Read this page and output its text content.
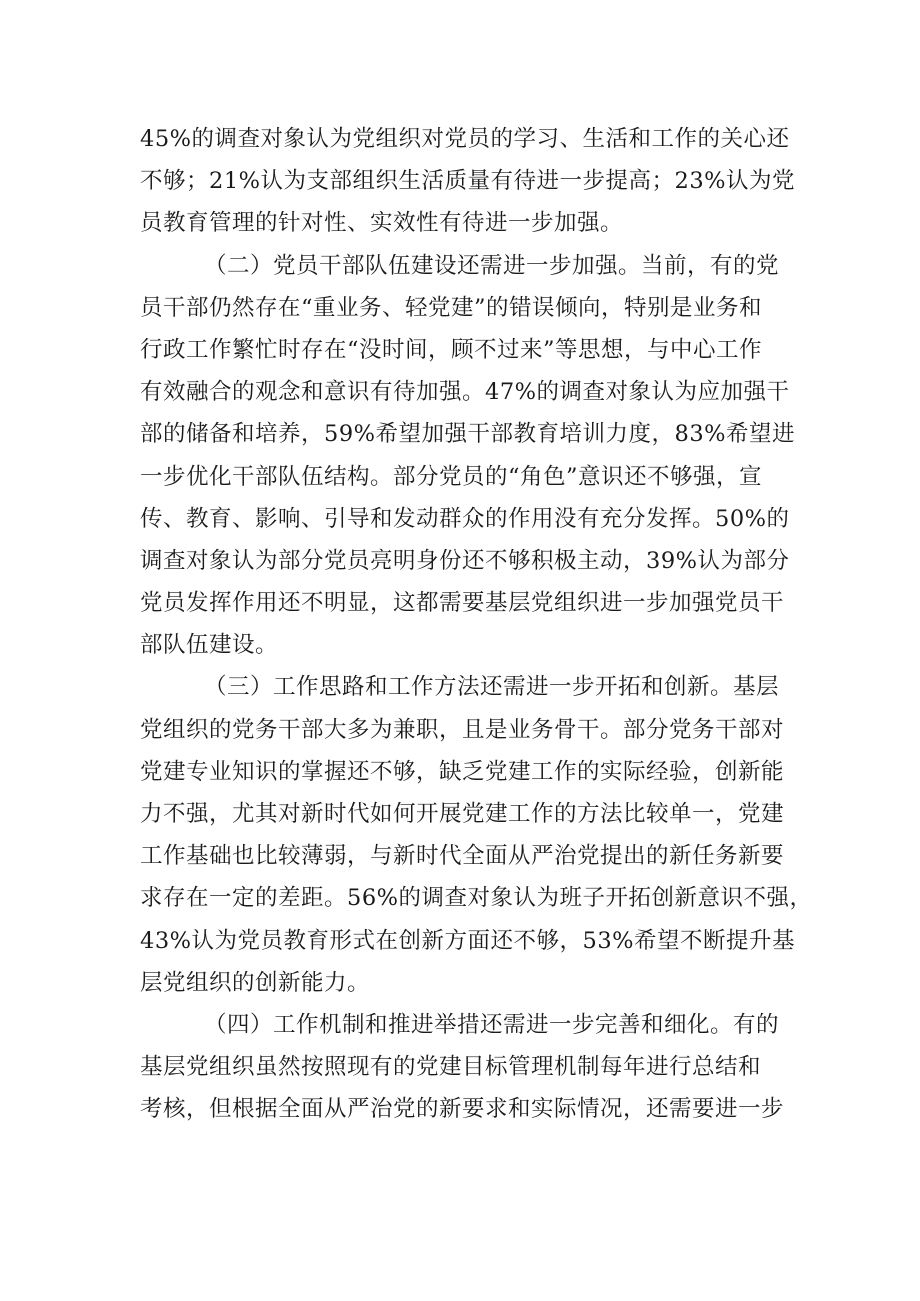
45%的调查对象认为党组织对党员的学习、生活和工作的关心还
不够；21%认为支部组织生活质量有待进一步提高；23%认为党
员教育管理的针对性、实效性有待进一步加强。
（二）党员干部队伍建设还需进一步加强。当前，有的党
员干部仍然存在“重业务、轻党建”的错误倾向，特别是业务和
行政工作繁忙时存在“没时间，顾不过来”等思想，与中心工作
有效融合的观念和意识有待加强。47%的调查对象认为应加强干
部的储备和培养，59%希望加强干部教育培训力度，83%希望进
一步优化干部队伍结构。部分党员的“角色”意识还不够强，宣
传、教育、影响、引导和发动群众的作用没有充分发挥。50%的
调查对象认为部分党员亮明身份还不够积极主动，39%认为部分
党员发挥作用还不明显，这都需要基层党组织进一步加强党员干
部队伍建设。
（三）工作思路和工作方法还需进一步开拓和创新。基层
党组织的党务干部大多为兼职，且是业务骨干。部分党务干部对
党建专业知识的掌握还不够，缺乏党建工作的实际经验，创新能
力不强，尤其对新时代如何开展党建工作的方法比较单一，党建
工作基础也比较薄弱，与新时代全面从严治党提出的新任务新要
求存在一定的差距。56%的调查对象认为班子开拓创新意识不强，
43%认为党员教育形式在创新方面还不够，53%希望不断提升基
层党组织的创新能力。
（四）工作机制和推进举措还需进一步完善和细化。有的
基层党组织虽然按照现有的党建目标管理机制每年进行总结和
考核，但根据全面从严治党的新要求和实际情况，还需要进一步
